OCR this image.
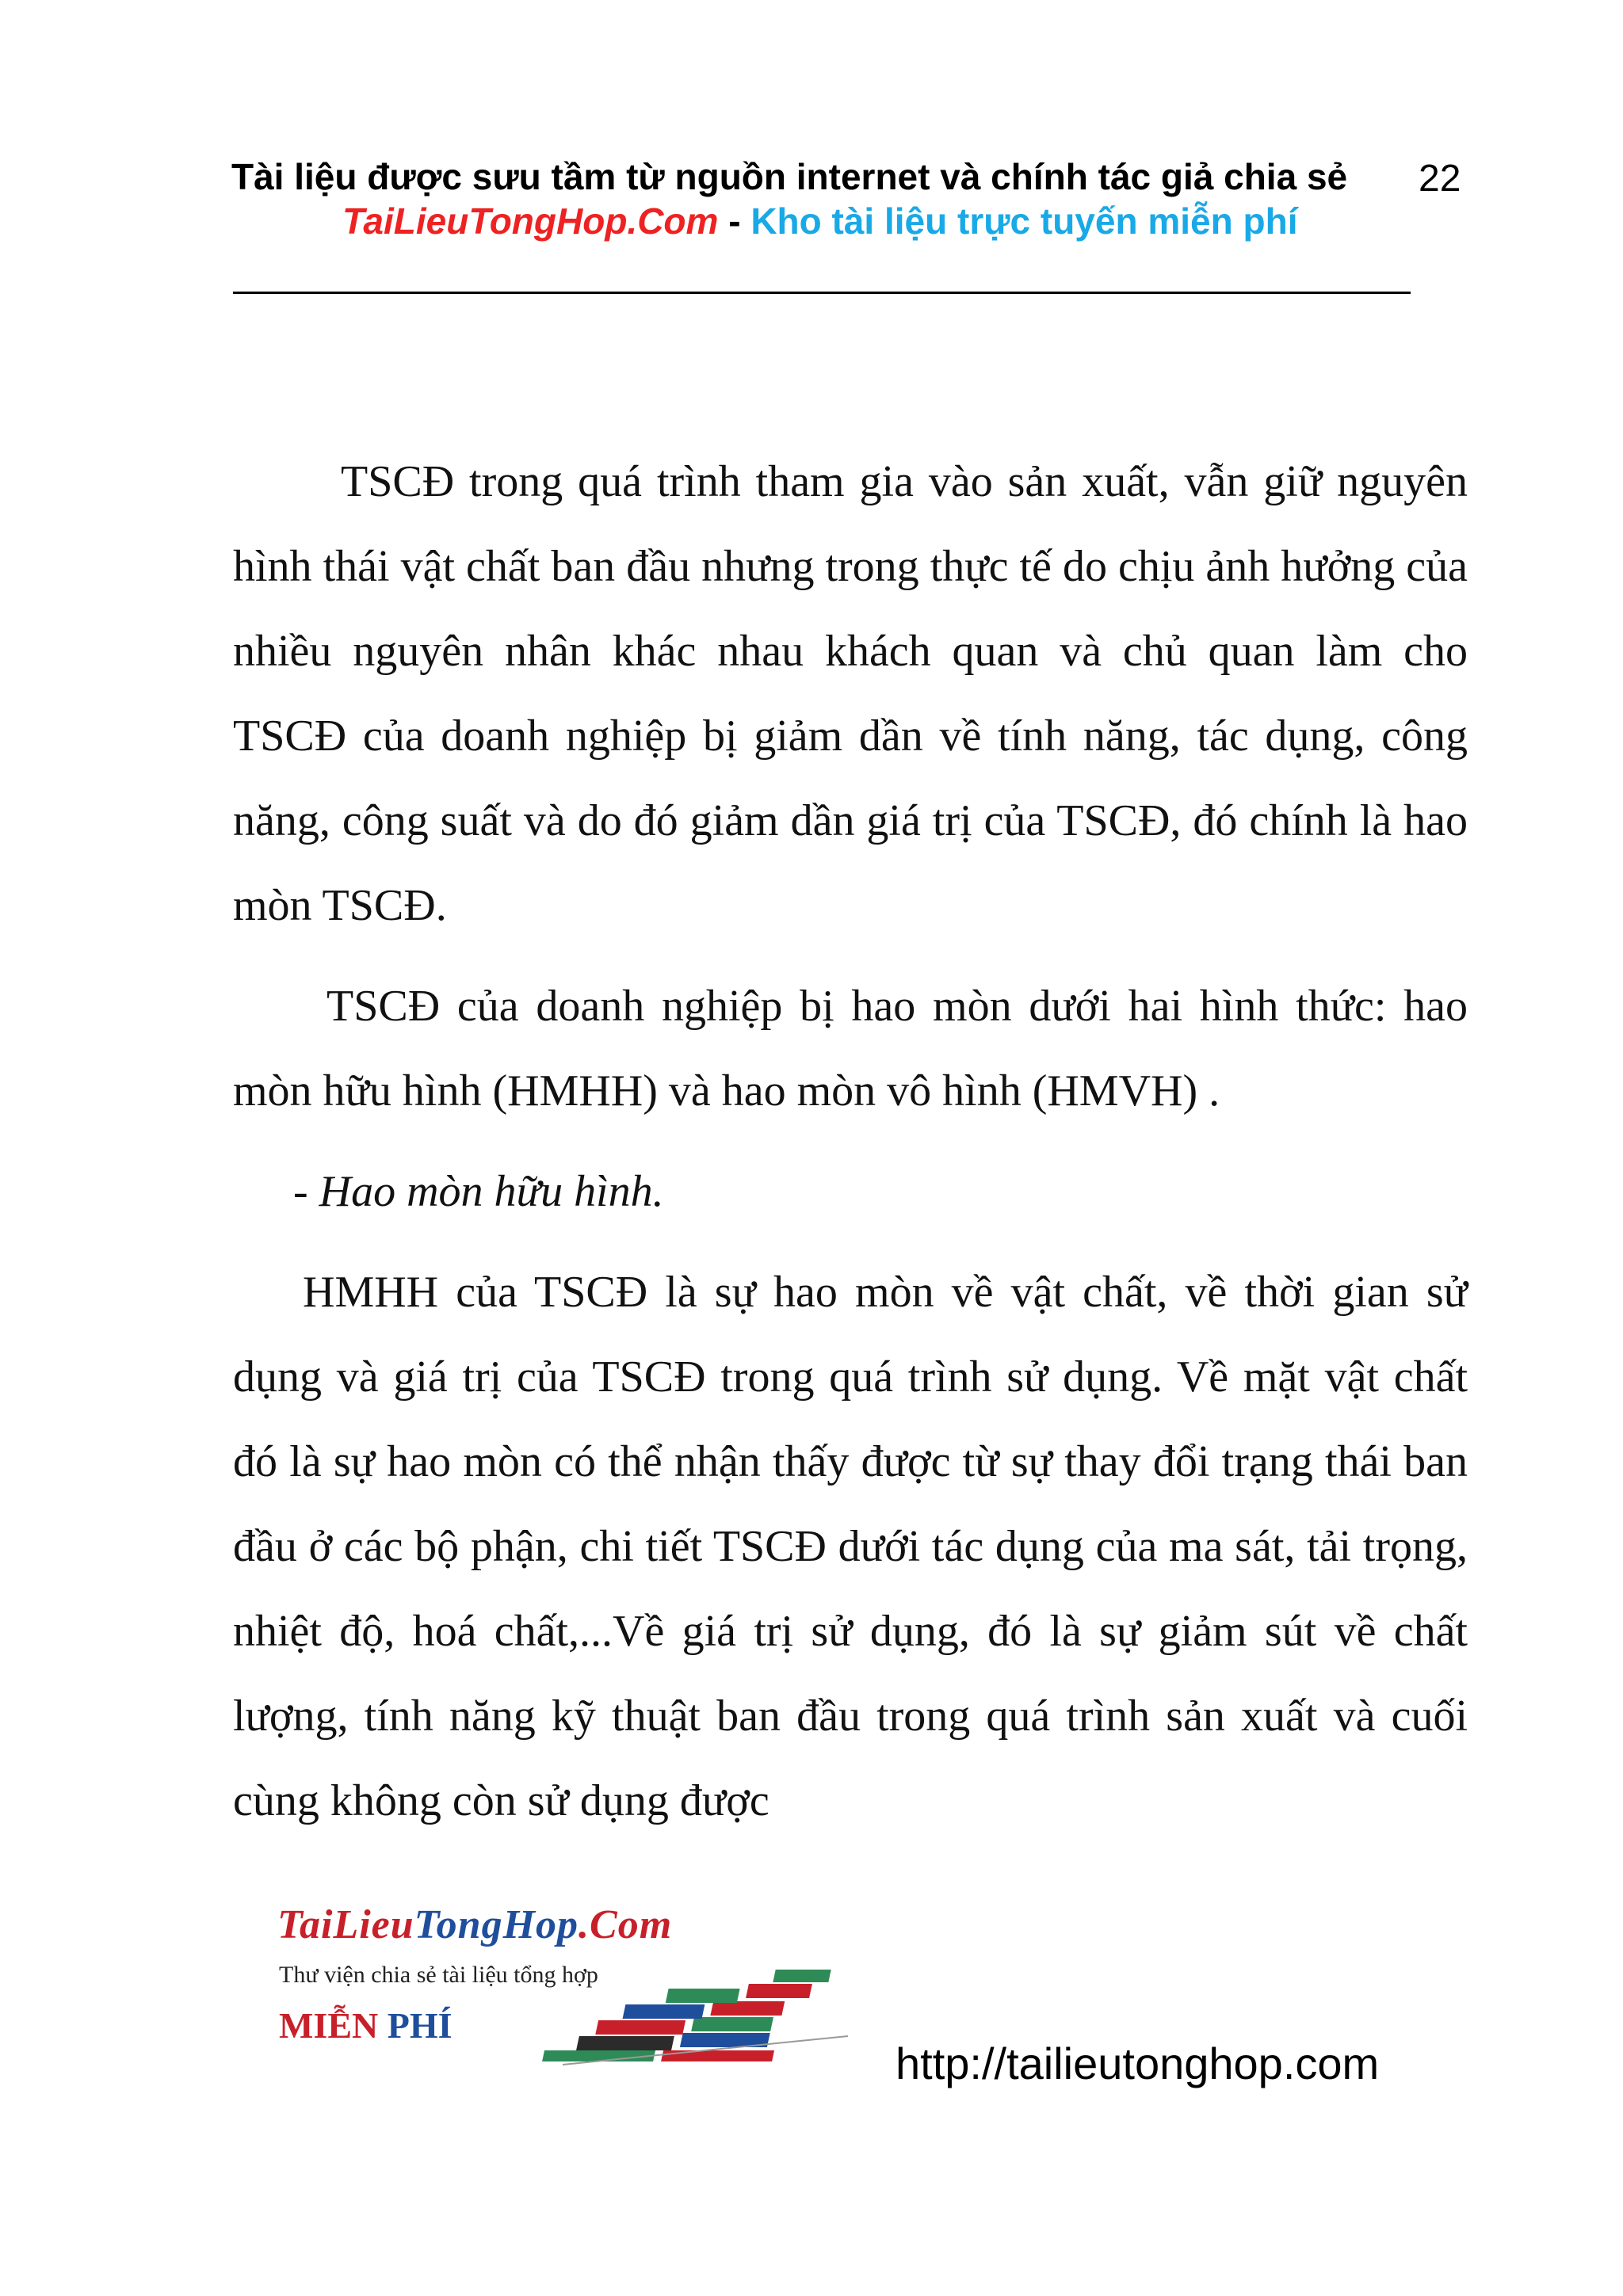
Tài liệu được sưu tầm từ nguồn internet và chính tác giả chia sẻ	22
TaiLieuTongHop.Com - Kho tài liệu trực tuyến miễn phí

TSCĐ trong quá trình tham gia vào sản xuất, vẫn giữ nguyên hình thái vật chất ban đầu nhưng trong thực tế do chịu ảnh hưởng của nhiều nguyên nhân khác nhau khách quan và chủ quan làm cho TSCĐ của doanh nghiệp bị giảm dần về tính năng, tác dụng, công năng, công suất và do đó giảm dần giá trị của TSCĐ, đó chính là hao mòn TSCĐ.

TSCĐ của doanh nghiệp bị hao mòn dưới hai hình thức: hao mòn hữu hình (HMHH) và hao mòn vô hình (HMVH) .

- Hao mòn hữu hình.

HMHH của TSCĐ là sự hao mòn về vật chất, về thời gian sử dụng và giá trị của TSCĐ trong quá trình sử dụng. Về mặt vật chất đó là sự hao mòn có thể nhận thấy được từ sự thay đổi trạng thái ban đầu ở các bộ phận, chi tiết TSCĐ dưới tác dụng của ma sát, tải trọng, nhiệt độ, hoá chất,...Về giá trị sử dụng, đó là sự giảm sút về chất lượng, tính năng kỹ thuật ban đầu trong quá trình sản xuất và cuối cùng không còn sử dụng được

TaiLieuTongHop.Com
Thư viện chia sẻ tài liệu tổng hợp
MIỄN PHÍ
http://tailieutonghop.com
